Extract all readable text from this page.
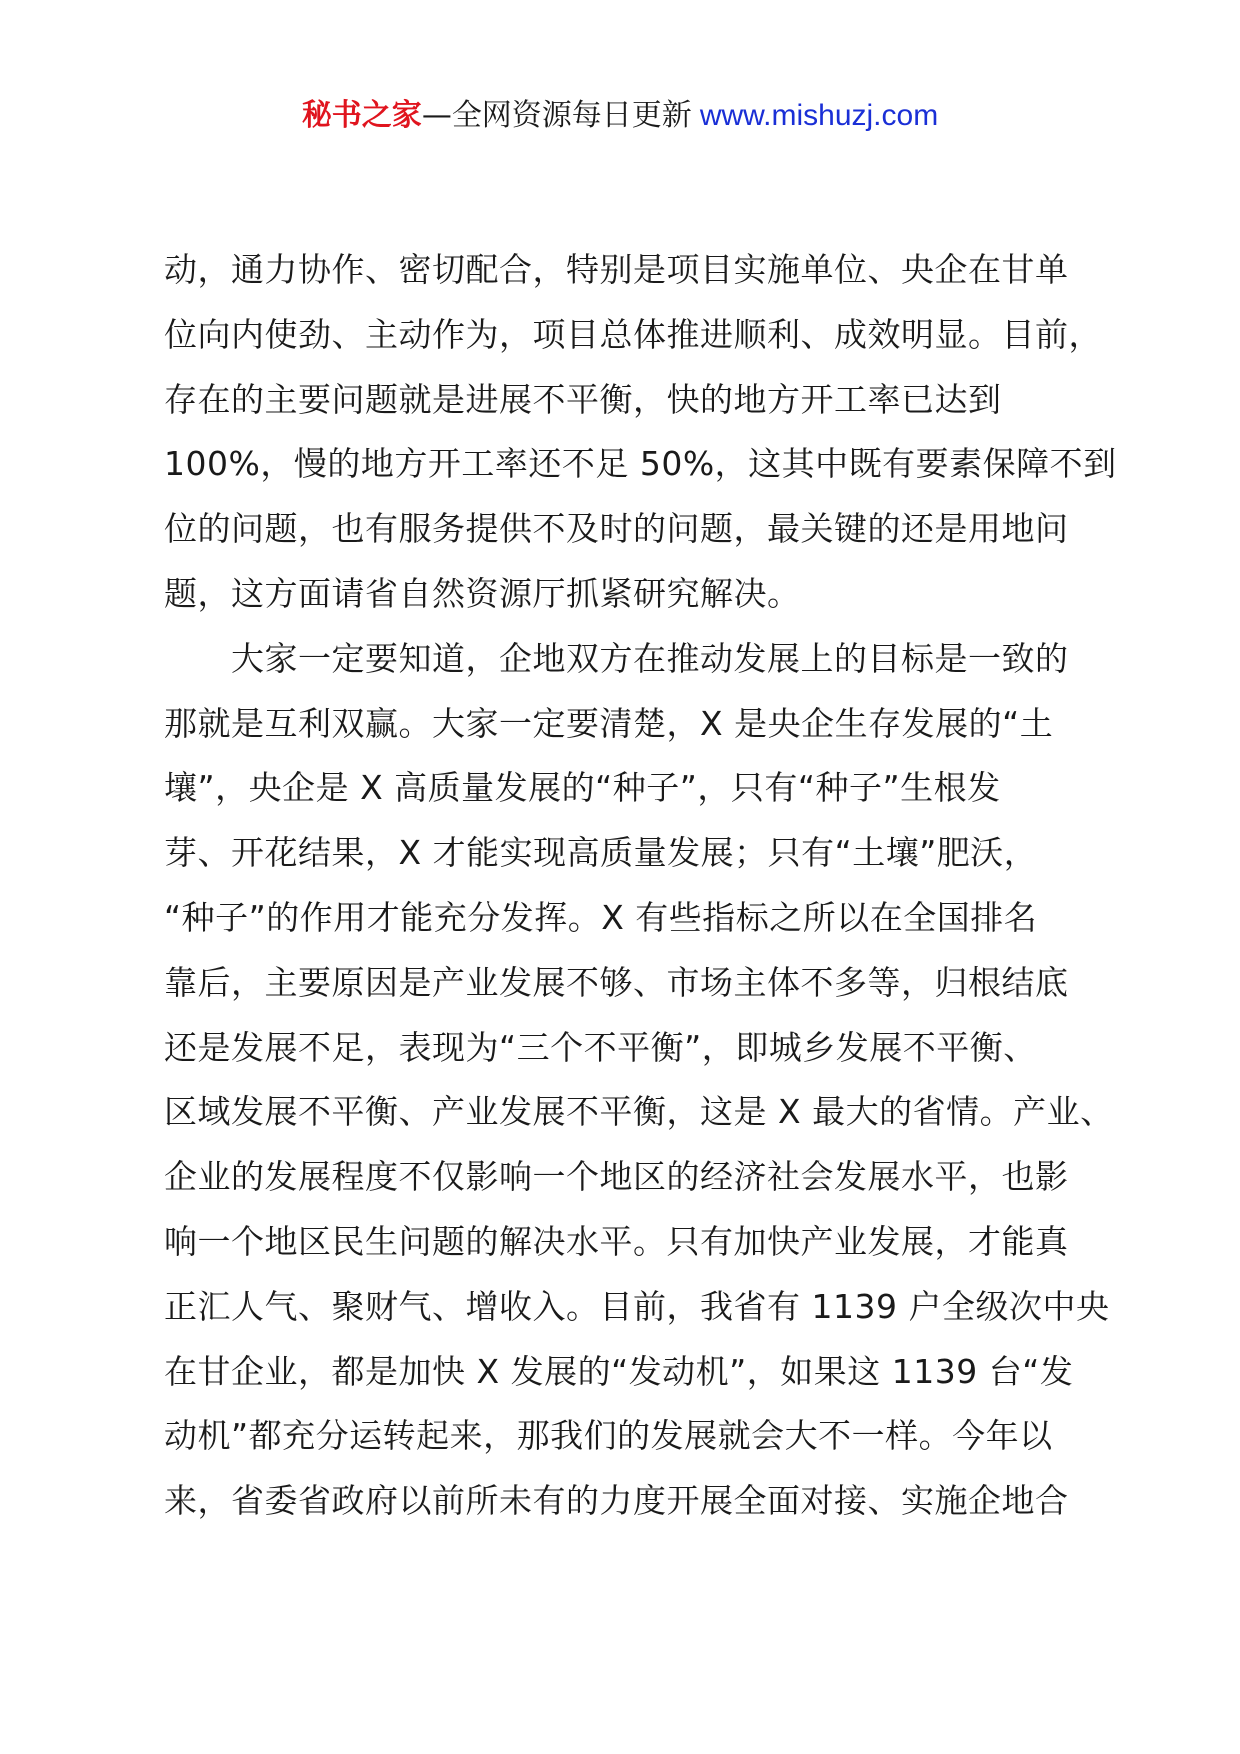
秘书之家—全网资源每日更新 www.mishuzj.com
动，通力协作、密切配合，特别是项目实施单位、央企在甘单
位向内使劲、主动作为，项目总体推进顺利、成效明显。目前，
存在的主要问题就是进展不平衡，快的地方开工率已达到
100%，慢的地方开工率还不足 50%，这其中既有要素保障不到
位的问题，也有服务提供不及时的问题，最关键的还是用地问
题，这方面请省自然资源厅抓紧研究解决。
　　大家一定要知道，企地双方在推动发展上的目标是一致的
那就是互利双赢。大家一定要清楚，X 是央企生存发展的“土
壤”，央企是 X 高质量发展的“种子”，只有“种子”生根发
芽、开花结果，X 才能实现高质量发展；只有“土壤”肥沃，
“种子”的作用才能充分发挥。X 有些指标之所以在全国排名
靠后，主要原因是产业发展不够、市场主体不多等，归根结底
还是发展不足，表现为“三个不平衡”，即城乡发展不平衡、
区域发展不平衡、产业发展不平衡，这是 X 最大的省情。产业、
企业的发展程度不仅影响一个地区的经济社会发展水平，也影
响一个地区民生问题的解决水平。只有加快产业发展，才能真
正汇人气、聚财气、增收入。目前，我省有 1139 户全级次中央
在甘企业，都是加快 X 发展的“发动机”，如果这 1139 台“发
动机”都充分运转起来，那我们的发展就会大不一样。今年以
来，省委省政府以前所未有的力度开展全面对接、实施企地合
